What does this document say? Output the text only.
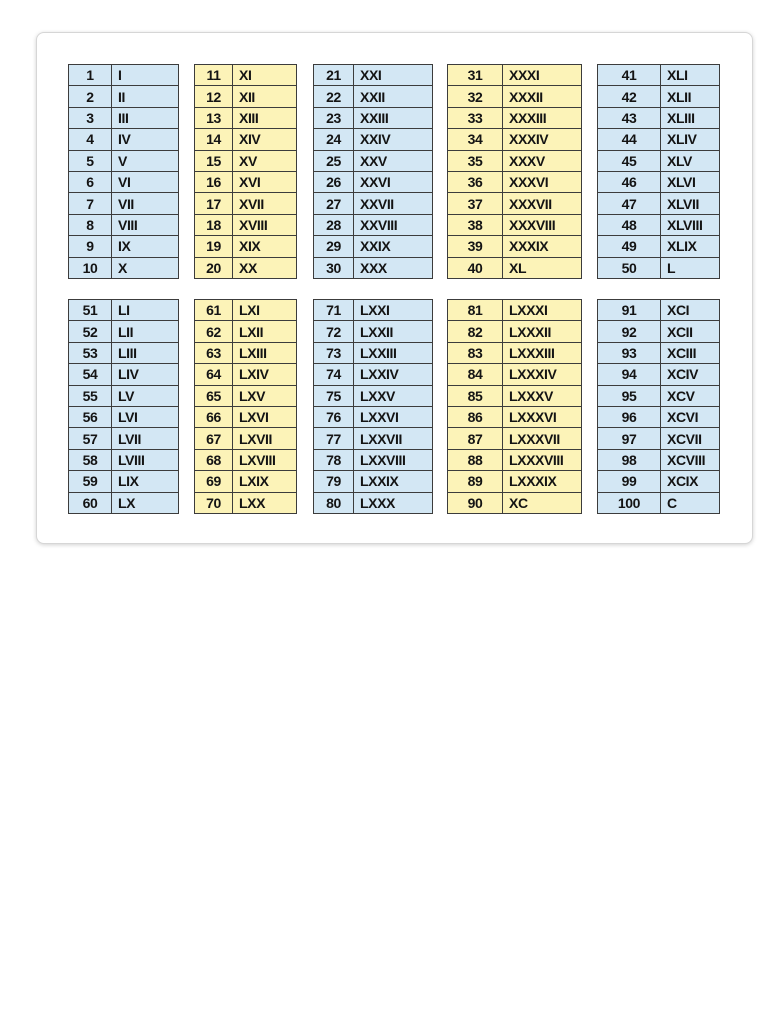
1	I
2	II
3	III
4	IV
5	V
6	VI
7	VII
8	VIII
9	IX
10	X
11	XI
12	XII
13	XIII
14	XIV
15	XV
16	XVI
17	XVII
18	XVIII
19	XIX
20	XX
21	XXI
22	XXII
23	XXIII
24	XXIV
25	XXV
26	XXVI
27	XXVII
28	XXVIII
29	XXIX
30	XXX
31	XXXI
32	XXXII
33	XXXIII
34	XXXIV
35	XXXV
36	XXXVI
37	XXXVII
38	XXXVIII
39	XXXIX
40	XL
41	XLI
42	XLII
43	XLIII
44	XLIV
45	XLV
46	XLVI
47	XLVII
48	XLVIII
49	XLIX
50	L
51	LI
52	LII
53	LIII
54	LIV
55	LV
56	LVI
57	LVII
58	LVIII
59	LIX
60	LX
61	LXI
62	LXII
63	LXIII
64	LXIV
65	LXV
66	LXVI
67	LXVII
68	LXVIII
69	LXIX
70	LXX
71	LXXI
72	LXXII
73	LXXIII
74	LXXIV
75	LXXV
76	LXXVI
77	LXXVII
78	LXXVIII
79	LXXIX
80	LXXX
81	LXXXI
82	LXXXII
83	LXXXIII
84	LXXXIV
85	LXXXV
86	LXXXVI
87	LXXXVII
88	LXXXVIII
89	LXXXIX
90	XC
91	XCI
92	XCII
93	XCIII
94	XCIV
95	XCV
96	XCVI
97	XCVII
98	XCVIII
99	XCIX
100	C
